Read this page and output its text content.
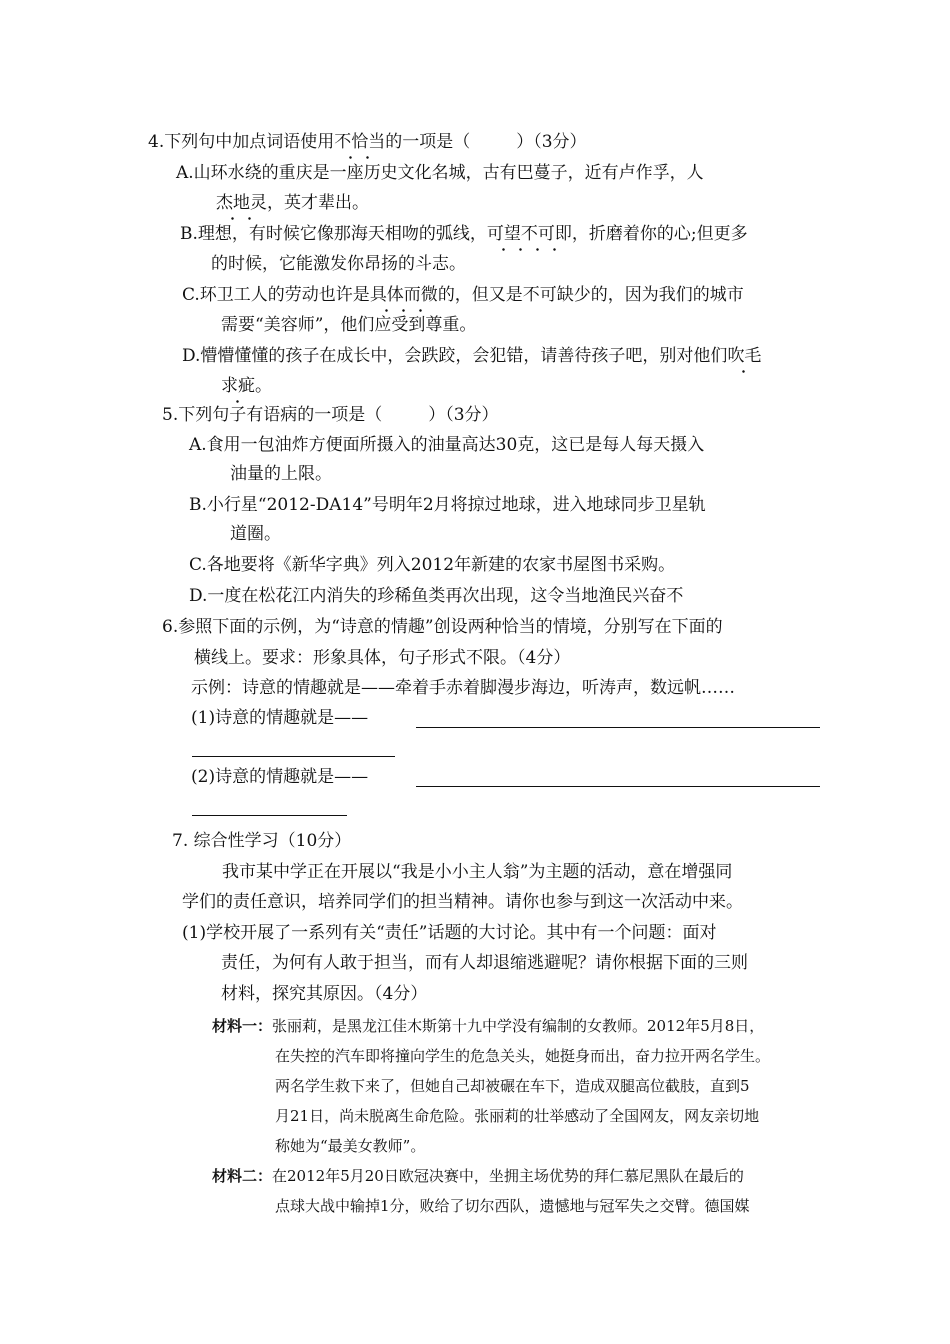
4.下列句中加点词语使用不恰当的一项是（	）（3分）
A.山环水绕的重庆是一座历史文化名城，古有巴蔓子，近有卢作孚，人
杰地灵，英才辈出。
B.理想，有时候它像那海天相吻的弧线，可望不可即，折磨着你的心;但更多
的时候，它能激发你昂扬的斗志。
C.环卫工人的劳动也许是具体而微的，但又是不可缺少的，因为我们的城市
需要“美容师”，他们应受到尊重。
D.懵懵懂懂的孩子在成长中，会跌跤，会犯错，请善待孩子吧，别对他们吹毛
求疵。
5.下列句子有语病的一项是（	）（3分）
A.食用一包油炸方便面所摄入的油量高达30克，这已是每人每天摄入
油量的上限。
B.小行星“2012-DA14”号明年2月将掠过地球，进入地球同步卫星轨
道圈。
C.各地要将《新华字典》列入2012年新建的农家书屋图书采购。
D.一度在松花江内消失的珍稀鱼类再次出现，这令当地渔民兴奋不
6.参照下面的示例，为“诗意的情趣”创设两种恰当的情境，分别写在下面的
横线上。要求：形象具体，句子形式不限。（4分）
示例：诗意的情趣就是——牵着手赤着脚漫步海边，听涛声，数远帆……
(1)诗意的情趣就是——
(2)诗意的情趣就是——
7. 综合性学习（10分）
我市某中学正在开展以“我是小小主人翁”为主题的活动，意在增强同
学们的责任意识，培养同学们的担当精神。请你也参与到这一次活动中来。
(1)学校开展了一系列有关“责任”话题的大讨论。其中有一个问题：面对
责任，为何有人敢于担当，而有人却退缩逃避呢？请你根据下面的三则
材料，探究其原因。（4分）
材料一：张丽莉，是黑龙江佳木斯第十九中学没有编制的女教师。2012年5月8日，
在失控的汽车即将撞向学生的危急关头，她挺身而出，奋力拉开两名学生。
两名学生救下来了，但她自己却被碾在车下，造成双腿高位截肢，直到5
月21日，尚未脱离生命危险。张丽莉的壮举感动了全国网友，网友亲切地
称她为“最美女教师”。
材料二：在2012年5月20日欧冠决赛中，坐拥主场优势的拜仁慕尼黑队在最后的
点球大战中输掉1分，败给了切尔西队，遗憾地与冠军失之交臂。德国媒
